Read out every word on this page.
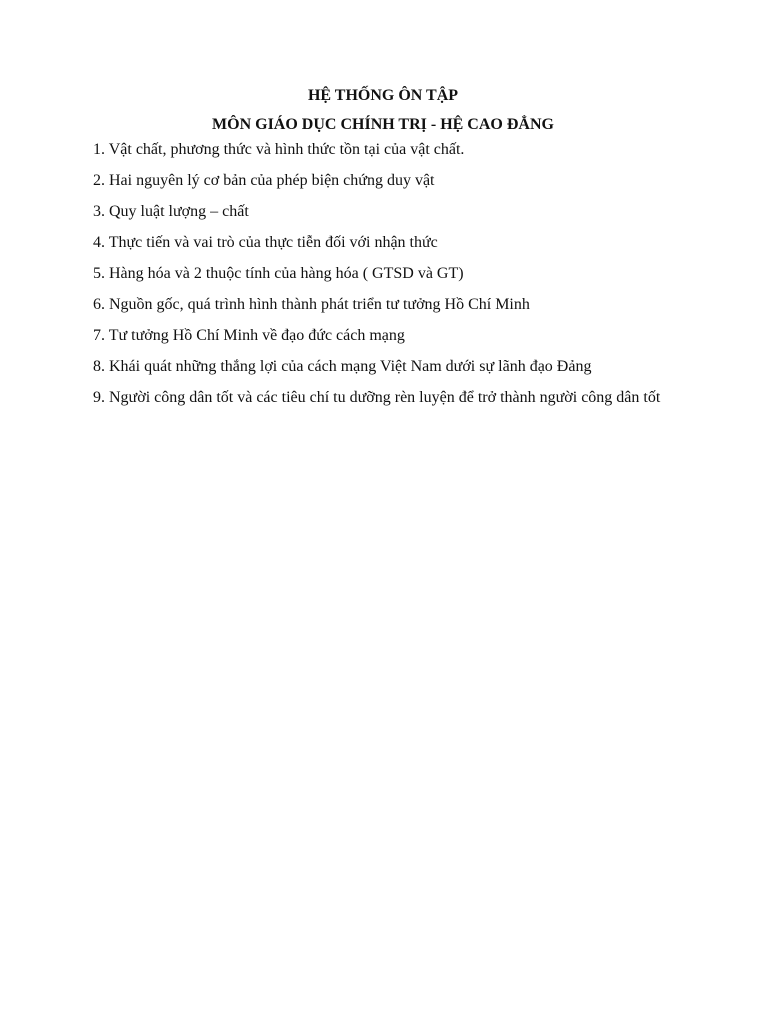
HỆ THỐNG ÔN TẬP
MÔN GIÁO DỤC CHÍNH TRỊ - HỆ CAO ĐẲNG
1. Vật chất, phương thức và hình thức tồn tại của vật chất.
2. Hai nguyên lý cơ bản của phép biện chứng duy vật
3. Quy luật lượng – chất
4. Thực tiến và vai trò của thực tiễn đối với nhận thức
5. Hàng hóa và 2 thuộc tính của hàng hóa ( GTSD và GT)
6. Nguồn gốc, quá trình hình thành phát triển tư tưởng Hồ Chí Minh
7. Tư tưởng Hồ Chí Minh về đạo đức cách mạng
8. Khái quát những thắng lợi của cách mạng Việt Nam dưới sự lãnh đạo Đảng
9. Người công dân tốt và các tiêu chí tu dưỡng rèn luyện để trở thành người công dân tốt
